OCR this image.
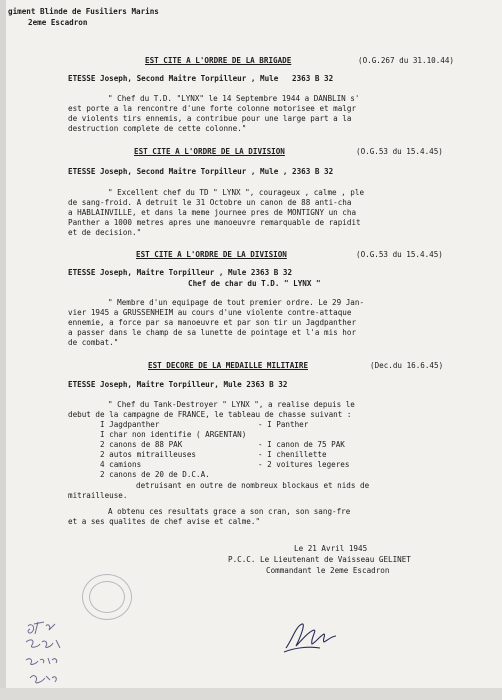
giment Blinde de Fusiliers Marins
2eme Escadron
EST CITE A L'ORDRE DE LA BRIGADE	(O.G.267 du 31.10.44)
ETESSE Joseph, Second Maitre Torpilleur , Mule   2363 B 32
" Chef du T.D. "LYNX" le 14 Septembre 1944 a DANBLIN s'
est porte a la rencontre d'une forte colonne motorisee et malgr
de violents tirs ennemis, a contribue pour une large part a la
destruction complete de cette colonne."
EST CITE A L'ORDRE DE LA DIVISION	(O.G.53 du 15.4.45)
ETESSE Joseph, Second Maitre Torpilleur , Mule , 2363 B 32
" Excellent chef du TD " LYNX ", courageux , calme , ple
de sang-froid. A detruit le 31 Octobre un canon de 88 anti-cha
a HABLAINVILLE, et dans la meme journee pres de MONTIGNY un cha
Panther a 1000 metres apres une manoeuvre remarquable de rapidit
et de decision."
EST CITE A L'ORDRE DE LA DIVISION	(O.G.53 du 15.4.45)
ETESSE Joseph, Maitre Torpilleur , Mule 2363 B 32
Chef de char du T.D. " LYNX "
" Membre d'un equipage de tout premier ordre. Le 29 Jan-
vier 1945 a GRUSSENHEIM au cours d'une violente contre-attaque
ennemie, a force par sa manoeuvre et par son tir un Jagdpanther
a passer dans le champ de sa lunette de pointage et l'a mis hor
de combat."
EST DECORE DE LA MEDAILLE MILITAIRE	(Dec.du 16.6.45)
ETESSE Joseph, Maitre Torpilleur, Mule 2363 B 32
" Chef du Tank-Destroyer " LYNX ", a realise depuis le
debut de la campagne de FRANCE, le tableau de chasse suivant :
I Jagdpanther	- I Panther
I char non identifie ( ARGENTAN)
2 canons de 88 PAK	- I canon de 75 PAK
2 autos mitrailleuses	- I chenillette
4 camions	- 2 voitures legeres
2 canons de 20 de D.C.A.
detruisant en outre de nombreux blockaus et nids de
mitrailleuse.
A obtenu ces resultats grace a son cran, son sang-fre
et a ses qualites de chef avise et calme."
Le 21 Avril 1945
P.C.C. Le Lieutenant de Vaisseau GELINET
Commandant le 2eme Escadron
